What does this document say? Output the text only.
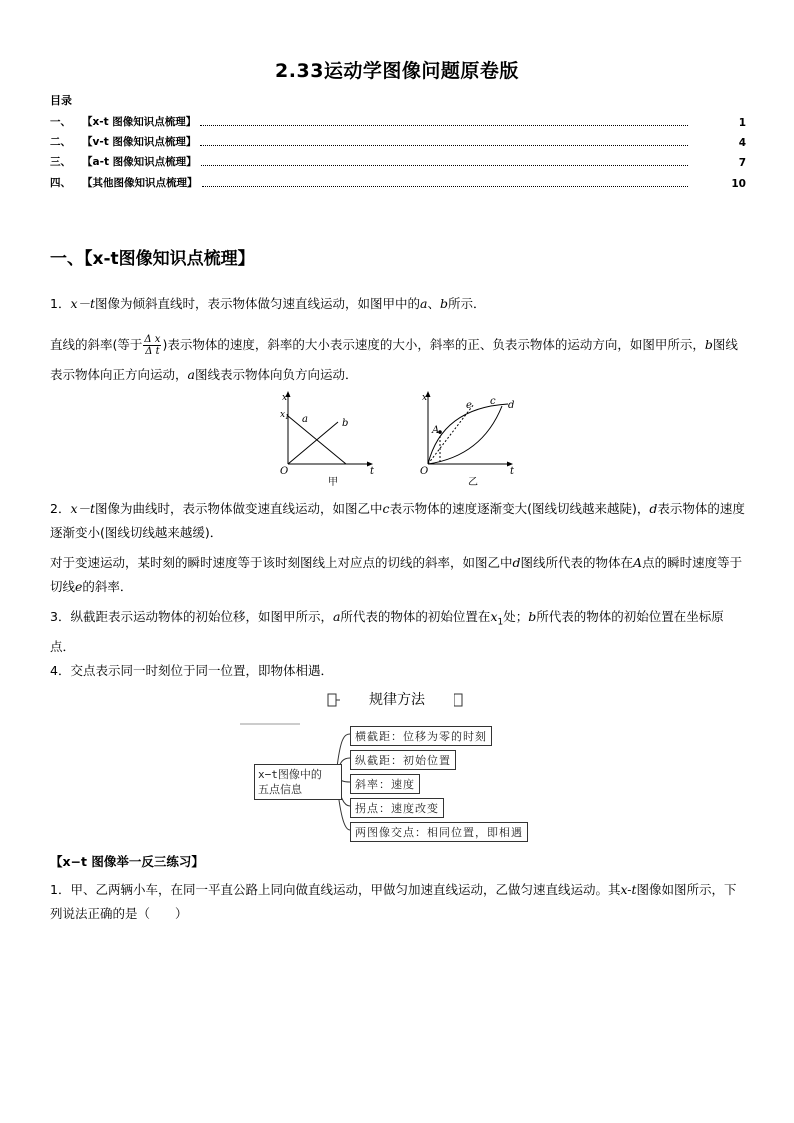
2.33运动学图像问题原卷版
目录
一、	【x-t 图像知识点梳理】	1
二、	【v-t 图像知识点梳理】	4
三、	【a-t 图像知识点梳理】	7
四、	【其他图像知识点梳理】	10
一、【x-t图像知识点梳理】
1．x－t图像为倾斜直线时，表示物体做匀速直线运动，如图甲中的a、b所示．
直线的斜率(等于 $\frac{\text{Δ x}}{\text{Δ t}}$ )表示物体的速度，斜率的大小表示速度的大小，斜率的正、负表示物体的运动方向，如图甲所示，b图线表示物体向正方向运动，a图线表示物体向负方向运动．
x
$x_1$ a	b
O	t
甲
x
A
e c d
O	t
乙
2．x－t图像为曲线时，表示物体做变速直线运动，如图乙中c表示物体的速度逐渐变大(图线切线越来越陡)，d表示物体的速度逐渐变小(图线切线越来越缓)．
对于变速运动，某时刻的瞬时速度等于该时刻图线上对应点的切线的斜率，如图乙中d图线所代表的物体在A点的瞬时速度等于切线e的斜率．
3．纵截距表示运动物体的初始位移，如图甲所示，a所代表的物体的初始位置在$x_1$处；b所代表的物体的初始位置在坐标原点．
4．交点表示同一时刻位于同一位置，即物体相遇．
规律方法
x−t图像中的
五点信息
横截距：位移为零的时刻
纵截距：初始位置
斜率：速度
拐点：速度改变
两图像交点：相同位置，即相遇
【x−t 图像举一反三练习】
1．甲、乙两辆小车，在同一平直公路上同向做直线运动，甲做匀加速直线运动，乙做匀速直线运动。其x-t图像如图所示，下列说法正确的是（　　）
